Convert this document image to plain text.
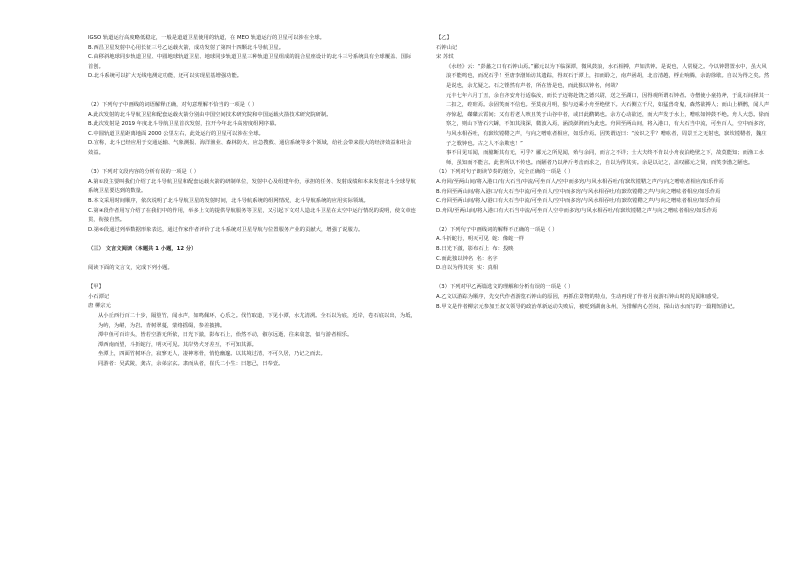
IGSO 轨道运行高度略低稳定，一般是道道卫星使用的轨道，在 MEO 轨道运行的卫星可以涉在全球。

B.西昌卫星发射中心用长征三号乙运载火箭，成功发射了第四十四颗北斗导航卫星。

C.由移斜地球同步轨道卫星、中圆地球轨道卫星、地球同步轨道卫星三种轨道卫星组成的混合星座设计的北斗三号系统具有全球覆盖、国际首创。

D.北斗系统可以扩大无线电测定功能，还可以实现星基增强功能。

（2）下列句子中画线的词语解释正确，对句意理解不恰当的一项是（ ）

A.此次发射的北斗导航卫星和配套运载火箭分别由中国空间技术研究院和中国运载火箭技术研究院研制。

B.此次发射是 2019 年度北斗导航卫星首次发射，拉开今年北斗高密度组网序幕。

C.中圆轨道卫星距离地面 2000 公里左右，此处运行的卫星可以涉在全球。

D.宣称，北斗已经应用于交通运输、气象测报、海洋渔业、森林防火、应急搜救、通信系统等多个领域，给社会带来很大的经济效益和社会效益。

（3）下列对文段内容的分析有误的一项是（ ）

A.第①段主要叫我们介绍了北斗导航卫星和配套运载火箭的研制单位，发射中心及组建年份，承担的任务、发射成绩和本来发射北斗全球导航系统卫星要达到的数量。

B.本文采用时间顺序，依次说明了北斗导航卫星的发射时间，北斗导航系统的组网情况，北斗导航系统的应用实际领域。

C.第④段作者用写介绍了在我们中的作用，举多上文的提供导航服务等卫星，又引起下文对人造北斗卫星在太空中运行情况的说明，使文章连贯，衔接自然。

D.第⑥段通过列举数据形象表达，通过作家作者评价了北斗系统对卫星导航与位置服务产业的贡献大，增强了说服力。

（三） 文言文阅读（本题共 1 小题，12 分）

阅读下面的文言文，完成下列小题。

【甲】

小石潭记

唐 柳宗元

从小丘西行百二十步，隔篁竹，闻水声，如鸣佩环，心乐之。伐竹取道，下见小潭，水尤清冽。全石以为底，近岸，卷石底以出，为坻，为屿，为嵁，为岩。青树翠蔓，蒙络摇缀，参差披拂。

潭中鱼可百许头，皆若空游无所依，日光下澈，影布石上，佁然不动，俶尔远逝，往来翕忽，似与游者相乐。

潭西南而望，斗折蛇行，明灭可见。其岸势犬牙差互，不可知其源。

坐潭上，四面竹树环合，寂寥无人，凄神寒骨，悄怆幽邃。以其境过清，不可久居，乃记之而去。

同游者：吴武陵，龚古，余弟宗玄。隶而从者，崔氏二小生：曰恕己，曰奉壹。

【乙】

石钟山记

宋 苏轼

《水经》云：“彭蠡之口有石钟山焉。”郦元以为下临深潭，微风鼓浪，水石相搏，声如洪钟。是说也，人常疑之。今以钟磬置水中，虽大风浪不能鸣也，而况石乎！至唐李渤始访其遗踪，得双石于潭上，扣而聆之，南声函胡，北音清越，桴止响腾，余韵徐歇。自以为得之矣。然是说也，余尤疑之。石之铿然有声者，所在皆是也，而此独以钟名，何哉？

元丰七年六月丁丑，余自齐安舟行适临汝，而长子迈将赴饶之德兴尉，送之至湖口，因得观所谓石钟者。寺僧使小童持斧，于乱石间择其一二扣之，硿硿焉。余固笑而不信也。至莫夜月明，独与迈乘小舟至绝壁下。大石侧立千尺，如猛兽奇鬼，森然欲搏人；而山上栖鹘，闻人声亦惊起，磔磔云霄间；又有若老人咳且笑于山谷中者，或曰此鹳鹤也。余方心动欲还，而大声发于水上，噌吰如钟鼓不绝。舟人大恐。徐而察之，则山下皆石穴罅，不知其浅深，微波入焉，涵淡澎湃而为此也。舟回至两山间，将入港口，有大石当中流，可坐百人，空中而多窍，与风水相吞吐，有窾坎镗鞳之声，与向之噌吰者相应，如乐作焉。因笑谓迈曰：“汝识之乎？噌吰者，周景王之无射也，窾坎镗鞳者，魏庄子之歌钟也。古之人不余欺也！”

事不目见耳闻，而臆断其有无，可乎？郦元之所见闻，殆与余同，而言之不详；士大夫终不肯以小舟夜泊绝壁之下，故莫能知；而渔工水师，虽知而不能言。此世所以不传也。而陋者乃以斧斤考击而求之，自以为得其实。余是以记之，盖叹郦元之简，而笑李渤之陋也。

（1）下列对句子朗读节奏的划分，完全正确的一项是（ ）

A.舟回/至两山间/将入港口/有大石当/中流/可坐百人/空中而多窍/与风水相吞吐/有窾坎镗鞳之声/与向之噌吰者相应/如乐作焉

B.舟回至两山间/将入港口/有大石当中流/可坐百人/空中而多窍/与风水相吞吐/有窾坎镗鞳之声/与向之噌吰者相应/如乐作焉

C.舟回至两山间/将入/港口有大石当中流/可坐百人/空中而多窍/与风水相吞吐/有窾坎镗鞳之声/与向之噌吰者相应/如乐作焉

D.舟回/至两山间/将入港口有大石当中流/可坐百人空中而多窍/与风水相吞吐/有窾坎镗鞳之声与向之噌吰者相应/如乐作焉

（2）下列句子中画线词的解释不正确的一项是（ ）

A.斗折蛇行，明灭可见  蛇：像蛇一样

B.日光下澈，影布石上  布：投映

C.而此独以钟名  名：名字

D.自以为得其实  实：真相

（3）下列对甲乙两篇选文的理解和分析有误的一项是（ ）

A.乙文以游踪为顺序，先交代作者游览石钟山的原因，再抓住景物的特点，生动再现了作者月夜游石钟山时的见闻和感受。

B.甲文是作者柳宗元参加王叔文领导的政治革新运动失败后，被贬到湖南永州，为排解内心苦闷，探山访水而写的一篇精短游记。
